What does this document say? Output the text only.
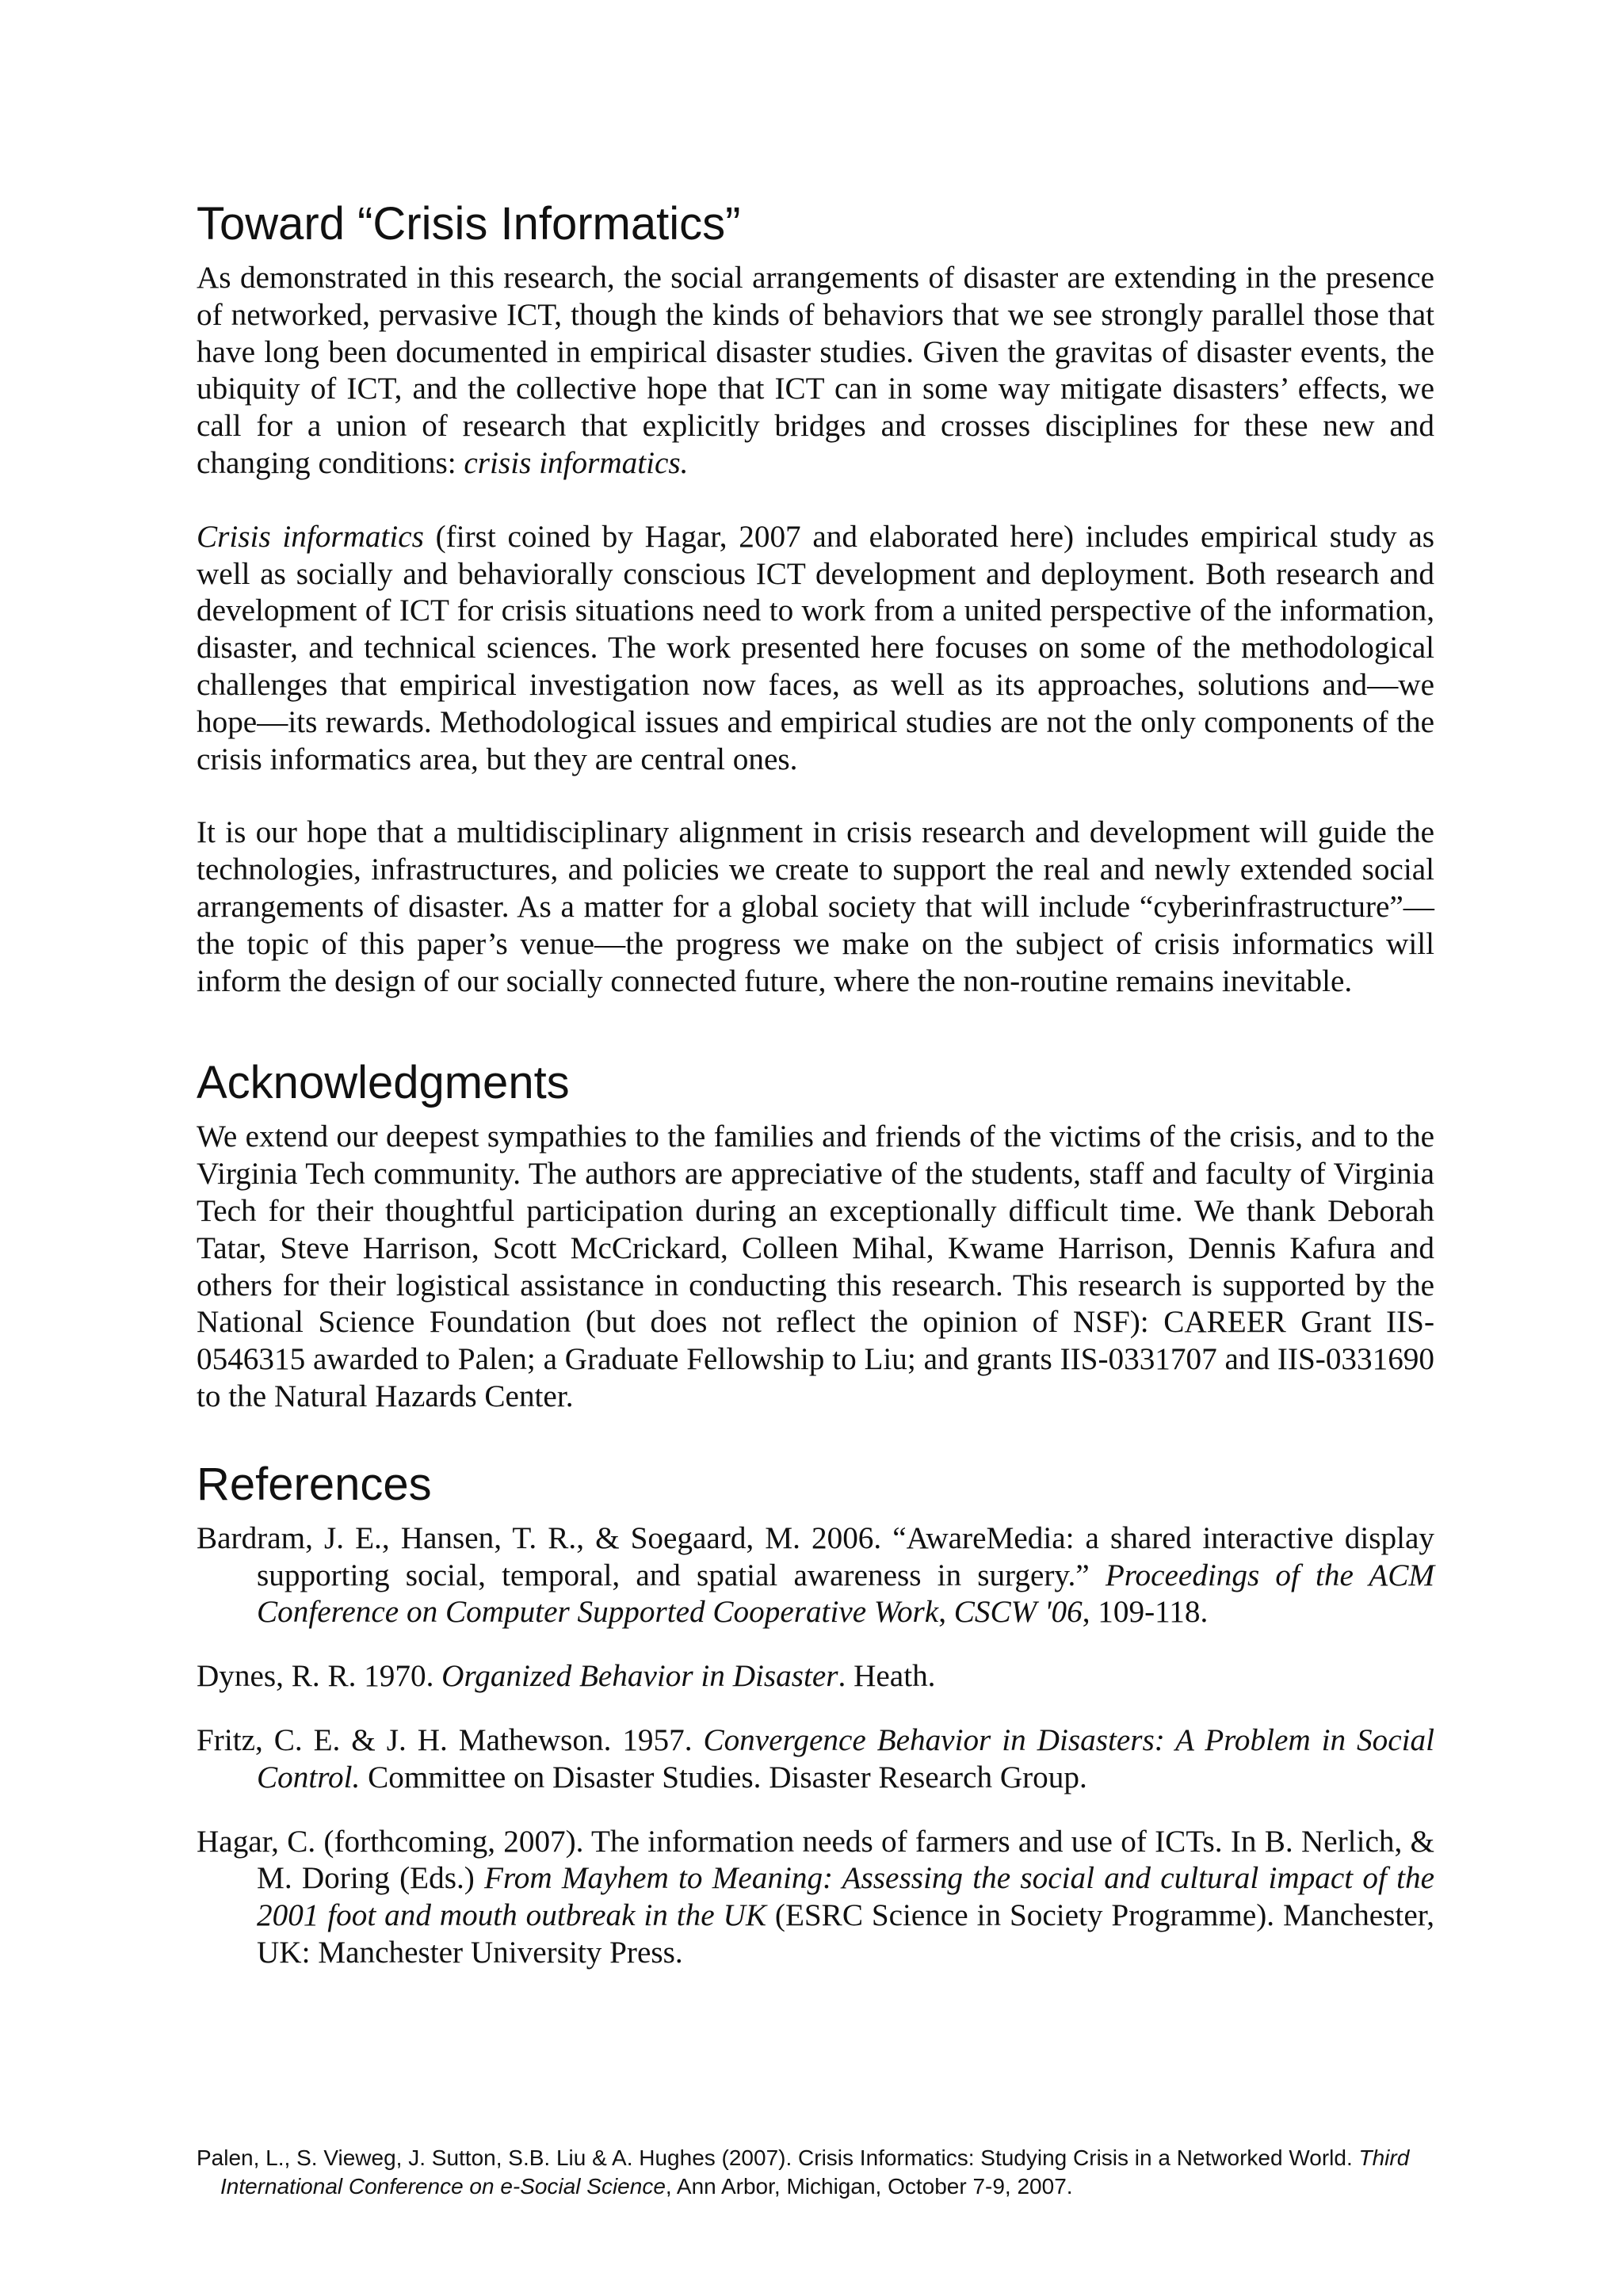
Toward “Crisis Informatics”

As demonstrated in this research, the social arrangements of disaster are extending in the presence of networked, pervasive ICT, though the kinds of behaviors that we see strongly parallel those that have long been documented in empirical disaster studies. Given the gravitas of disaster events, the ubiquity of ICT, and the collective hope that ICT can in some way mitigate disasters’ effects, we call for a union of research that explicitly bridges and crosses disciplines for these new and changing conditions: crisis informatics.

Crisis informatics (first coined by Hagar, 2007 and elaborated here) includes empirical study as well as socially and behaviorally conscious ICT development and deployment. Both research and development of ICT for crisis situations need to work from a united perspective of the information, disaster, and technical sciences. The work presented here focuses on some of the methodological challenges that empirical investigation now faces, as well as its approaches, solutions and—we hope—its rewards. Methodological issues and empirical studies are not the only components of the crisis informatics area, but they are central ones.

It is our hope that a multidisciplinary alignment in crisis research and development will guide the technologies, infrastructures, and policies we create to support the real and newly extended social arrangements of disaster. As a matter for a global society that will include “cyberinfrastructure”—the topic of this paper’s venue—the progress we make on the subject of crisis informatics will inform the design of our socially connected future, where the non-routine remains inevitable.

Acknowledgments

We extend our deepest sympathies to the families and friends of the victims of the crisis, and to the Virginia Tech community. The authors are appreciative of the students, staff and faculty of Virginia Tech for their thoughtful participation during an exceptionally difficult time. We thank Deborah Tatar, Steve Harrison, Scott McCrickard, Colleen Mihal, Kwame Harrison, Dennis Kafura and others for their logistical assistance in conducting this research. This research is supported by the National Science Foundation (but does not reflect the opinion of NSF): CAREER Grant IIS-0546315 awarded to Palen; a Graduate Fellowship to Liu; and grants IIS-0331707 and IIS-0331690 to the Natural Hazards Center.

References
Bardram, J. E., Hansen, T. R., & Soegaard, M. 2006. “AwareMedia: a shared interactive display supporting social, temporal, and spatial awareness in surgery.” Proceedings of the ACM Conference on Computer Supported Cooperative Work, CSCW '06, 109-118.
Dynes, R. R. 1970. Organized Behavior in Disaster. Heath.
Fritz, C. E. & J. H. Mathewson. 1957. Convergence Behavior in Disasters: A Problem in Social Control. Committee on Disaster Studies. Disaster Research Group.
Hagar, C. (forthcoming, 2007). The information needs of farmers and use of ICTs. In B. Nerlich, & M. Doring (Eds.) From Mayhem to Meaning: Assessing the social and cultural impact of the 2001 foot and mouth outbreak in the UK (ESRC Science in Society Programme). Manchester, UK: Manchester University Press.
Palen, L., S. Vieweg, J. Sutton, S.B. Liu & A. Hughes (2007). Crisis Informatics: Studying Crisis in a Networked World. Third International Conference on e-Social Science, Ann Arbor, Michigan, October 7-9, 2007.
